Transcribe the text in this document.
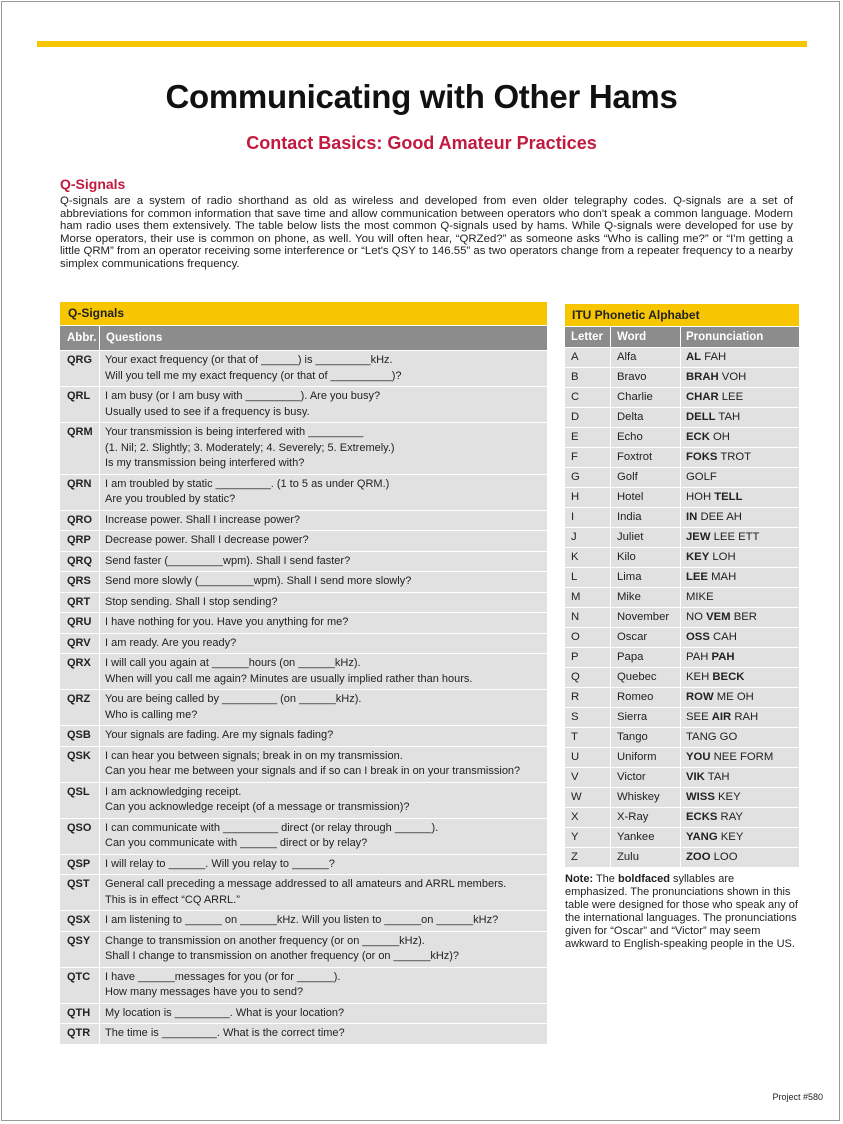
Communicating with Other Hams
Contact Basics: Good Amateur Practices
Q-Signals
Q-signals are a system of radio shorthand as old as wireless and developed from even older telegraphy codes. Q-signals are a set of abbreviations for common information that save time and allow communication between operators who don't speak a common language. Modern ham radio uses them extensively. The table below lists the most common Q-signals used by hams. While Q-signals were developed for use by Morse operators, their use is common on phone, as well. You will often hear, “QRZed?” as someone asks “Who is calling me?” or “I'm getting a little QRM” from an operator receiving some interference or “Let's QSY to 146.55” as two operators change from a repeater frequency to a nearby simplex communications frequency.
Q-Signals
Abbr. Questions
QRG	Your exact frequency (or that of ______) is _________kHz.
Will you tell me my exact frequency (or that of __________)?
QRL	I am busy (or I am busy with _________). Are you busy?
Usually used to see if a frequency is busy.
QRM	Your transmission is being interfered with _________
(1. Nil; 2. Slightly; 3. Moderately; 4. Severely; 5. Extremely.)
Is my transmission being interfered with?
QRN	I am troubled by static _________. (1 to 5 as under QRM.)
Are you troubled by static?
QRO	Increase power. Shall I increase power?
QRP	Decrease power. Shall I decrease power?
QRQ	Send faster (_________wpm). Shall I send faster?
QRS	Send more slowly (_________wpm). Shall I send more slowly?
QRT	Stop sending. Shall I stop sending?
QRU	I have nothing for you. Have you anything for me?
QRV	I am ready. Are you ready?
QRX	I will call you again at ______hours (on ______kHz).
When will you call me again? Minutes are usually implied rather than hours.
QRZ	You are being called by _________ (on ______kHz).
Who is calling me?
QSB	Your signals are fading. Are my signals fading?
QSK	I can hear you between signals; break in on my transmission.
Can you hear me between your signals and if so can I break in on your transmission?
QSL	I am acknowledging receipt.
Can you acknowledge receipt (of a message or transmission)?
QSO	I can communicate with _________ direct (or relay through ______).
Can you communicate with ______ direct or by relay?
QSP	I will relay to ______. Will you relay to ______?
QST	General call preceding a message addressed to all amateurs and ARRL members.
This is in effect “CQ ARRL.”
QSX	I am listening to ______ on ______kHz. Will you listen to ______on ______kHz?
QSY	Change to transmission on another frequency (or on ______kHz).
Shall I change to transmission on another frequency (or on ______kHz)?
QTC	I have ______messages for you (or for ______).
How many messages have you to send?
QTH	My location is _________. What is your location?
QTR	The time is _________. What is the correct time?
ITU Phonetic Alphabet
Letter	Word	Pronunciation
A	Alfa	AL FAH
B	Bravo	BRAH VOH
C	Charlie	CHAR LEE
D	Delta	DELL TAH
E	Echo	ECK OH
F	Foxtrot	FOKS TROT
G	Golf	GOLF
H	Hotel	HOH TELL
I	India	IN DEE AH
J	Juliet	JEW LEE ETT
K	Kilo	KEY LOH
L	Lima	LEE MAH
M	Mike	MIKE
N	November	NO VEM BER
O	Oscar	OSS CAH
P	Papa	PAH PAH
Q	Quebec	KEH BECK
R	Romeo	ROW ME OH
S	Sierra	SEE AIR RAH
T	Tango	TANG GO
U	Uniform	YOU NEE FORM
V	Victor	VIK TAH
W	Whiskey	WISS KEY
X	X-Ray	ECKS RAY
Y	Yankee	YANG KEY
Z	Zulu	ZOO LOO
Note: The boldfaced syllables are emphasized. The pronunciations shown in this table were designed for those who speak any of the international languages. The pronunciations given for “Oscar” and “Victor” may seem awkward to English-speaking people in the US.
Project #580
